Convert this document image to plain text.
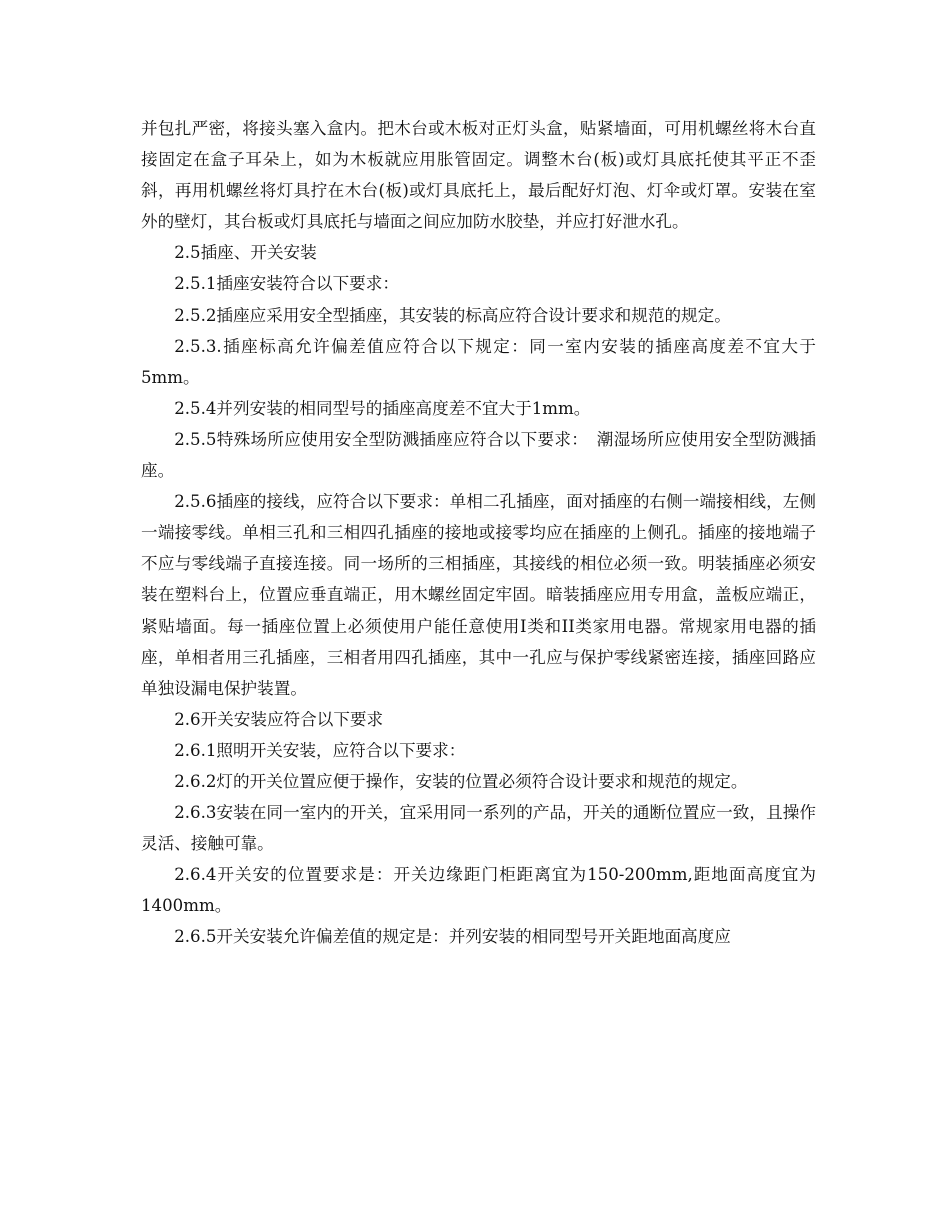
并包扎严密，将接头塞入盒内。把木台或木板对正灯头盒，贴紧墙面，可用机螺丝将木台直接固定在盒子耳朵上，如为木板就应用胀管固定。调整木台(板)或灯具底托使其平正不歪斜，再用机螺丝将灯具拧在木台(板)或灯具底托上，最后配好灯泡、灯伞或灯罩。安装在室外的壁灯，其台板或灯具底托与墙面之间应加防水胶垫，并应打好泄水孔。

2.5插座、开关安装

2.5.1插座安装符合以下要求：

2.5.2插座应采用安全型插座，其安装的标高应符合设计要求和规范的规定。

2.5.3.插座标高允许偏差值应符合以下规定：同一室内安装的插座高度差不宜大于5mm。

2.5.4并列安装的相同型号的插座高度差不宜大于1mm。

2.5.5特殊场所应使用安全型防溅插座应符合以下要求：　潮湿场所应使用安全型防溅插座。

2.5.6插座的接线，应符合以下要求：单相二孔插座，面对插座的右侧一端接相线，左侧一端接零线。单相三孔和三相四孔插座的接地或接零均应在插座的上侧孔。插座的接地端子不应与零线端子直接连接。同一场所的三相插座，其接线的相位必须一致。明装插座必须安装在塑料台上，位置应垂直端正，用木螺丝固定牢固。暗装插座应用专用盒，盖板应端正，紧贴墙面。每一插座位置上必须使用户能任意使用I类和II类家用电器。常规家用电器的插座，单相者用三孔插座，三相者用四孔插座，其中一孔应与保护零线紧密连接，插座回路应单独设漏电保护装置。

2.6开关安装应符合以下要求

2.6.1照明开关安装，应符合以下要求：

2.6.2灯的开关位置应便于操作，安装的位置必须符合设计要求和规范的规定。

2.6.3安装在同一室内的开关，宜采用同一系列的产品，开关的通断位置应一致，且操作灵活、接触可靠。

2.6.4开关安的位置要求是：开关边缘距门柜距离宜为150-200mm,距地面高度宜为1400mm。

2.6.5开关安装允许偏差值的规定是：并列安装的相同型号开关距地面高度应
